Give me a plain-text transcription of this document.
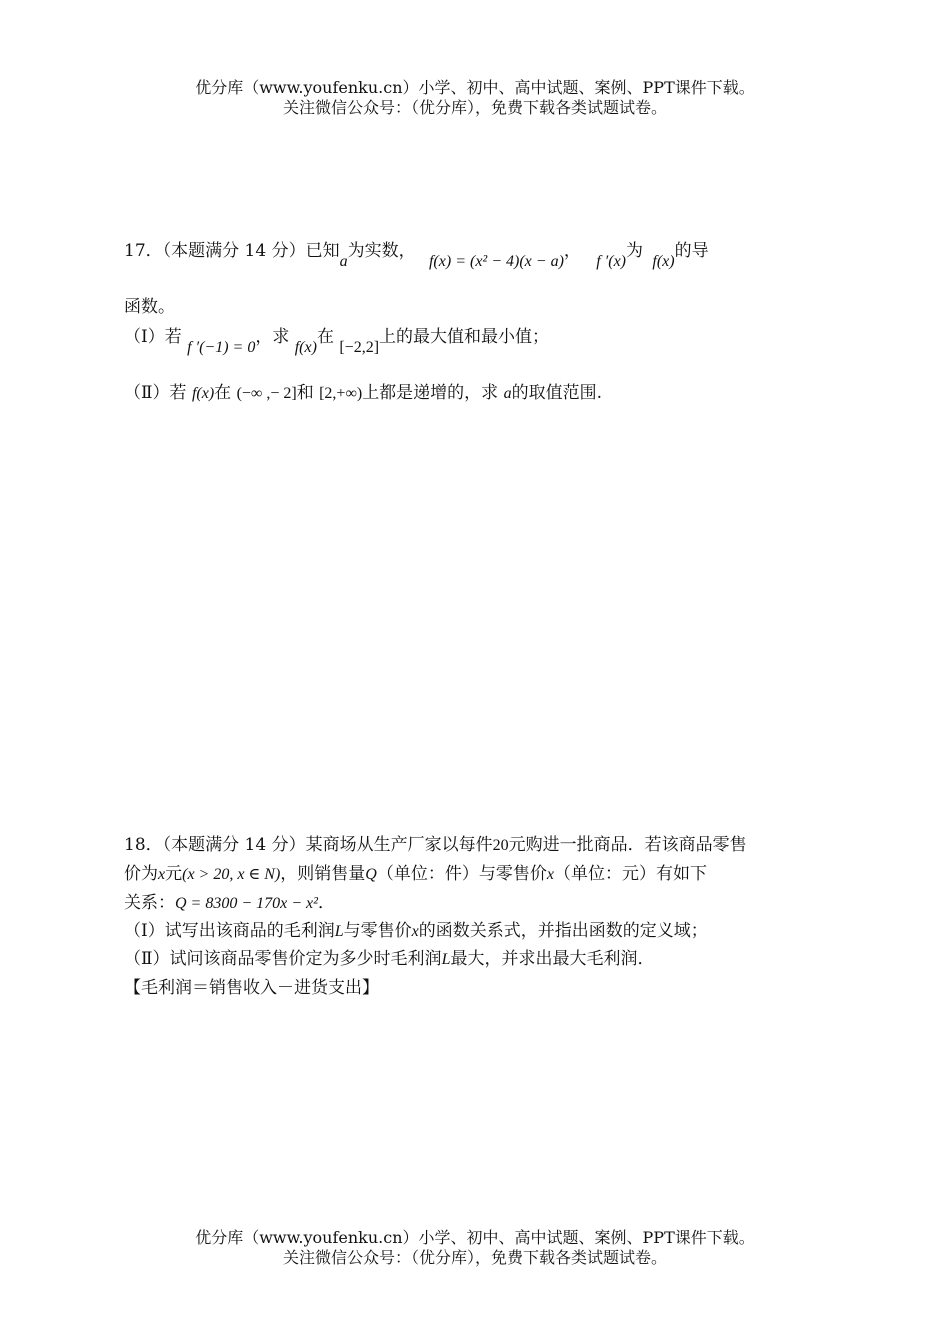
优分库（www.youfenku.cn）小学、初中、高中试题、案例、PPT课件下载。
关注微信公众号：（优分库），免费下载各类试题试卷。
17．（本题满分 14 分）已知a为实数， f(x) = (x² − 4)(x − a)， f ′(x)为 f(x)的导
函数。
（Ⅰ）若 f ′(−1) = 0，求 f(x)在 [−2,2]上的最大值和最小值；
（Ⅱ）若 f(x)在 (−∞ ,− 2]和 [2,+∞)上都是递增的，求 a的取值范围.
18．（本题满分 14 分）某商场从生产厂家以每件20元购进一批商品．若该商品零售
价为x元(x > 20, x ∈ N)，则销售量Q（单位：件）与零售价x（单位：元）有如下
关系：Q = 8300 − 170x − x²．
（Ⅰ）试写出该商品的毛利润L与零售价x的函数关系式，并指出函数的定义域；
（Ⅱ）试问该商品零售价定为多少时毛利润L最大，并求出最大毛利润．
【毛利润＝销售收入－进货支出】
优分库（www.youfenku.cn）小学、初中、高中试题、案例、PPT课件下载。
关注微信公众号：（优分库），免费下载各类试题试卷。
